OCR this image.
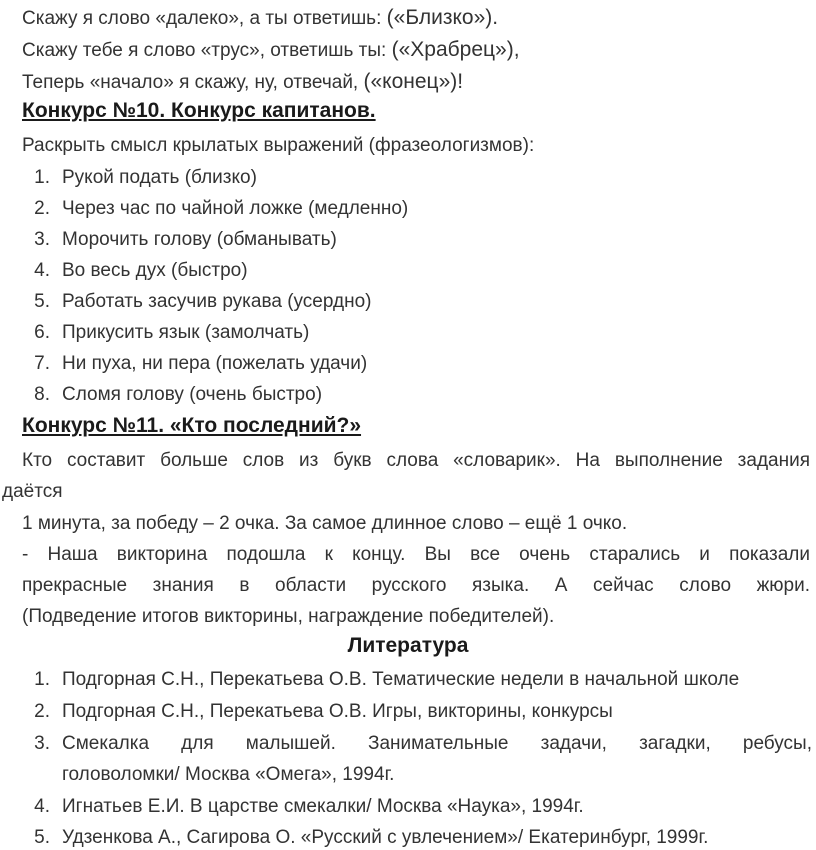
Скажу я слово «далеко», а ты ответишь: («Близко»).
Скажу тебе я слово «трус», ответишь ты: («Храбрец»),
Теперь «начало» я скажу, ну, отвечай, («конец»)!
Конкурс №10. Конкурс капитанов.
Раскрыть смысл крылатых выражений (фразеологизмов):
1. Рукой подать (близко)
2. Через час по чайной ложке (медленно)
3. Морочить голову (обманывать)
4. Во весь дух (быстро)
5. Работать засучив рукава (усердно)
6. Прикусить язык (замолчать)
7. Ни пуха, ни пера (пожелать удачи)
8. Сломя голову (очень быстро)
Конкурс №11. «Кто последний?»
Кто составит больше слов из букв слова «словарик». На выполнение задания
даётся
1 минута, за победу – 2 очка. За самое длинное слово – ещё 1 очко.
- Наша викторина подошла к концу. Вы все очень старались и показали
прекрасные знания в области русского языка. А сейчас слово жюри.
(Подведение итогов викторины, награждение победителей).
Литература
1. Подгорная С.Н., Перекатьева О.В. Тематические недели в начальной школе
2. Подгорная С.Н., Перекатьева О.В. Игры, викторины, конкурсы
3. Смекалка для малышей. Занимательные задачи, загадки, ребусы,
головоломки/ Москва «Омега», 1994г.
4. Игнатьев Е.И. В царстве смекалки/ Москва «Наука», 1994г.
5. Удзенкова А., Сагирова О. «Русский с увлечением»/ Екатеринбург, 1999г.
